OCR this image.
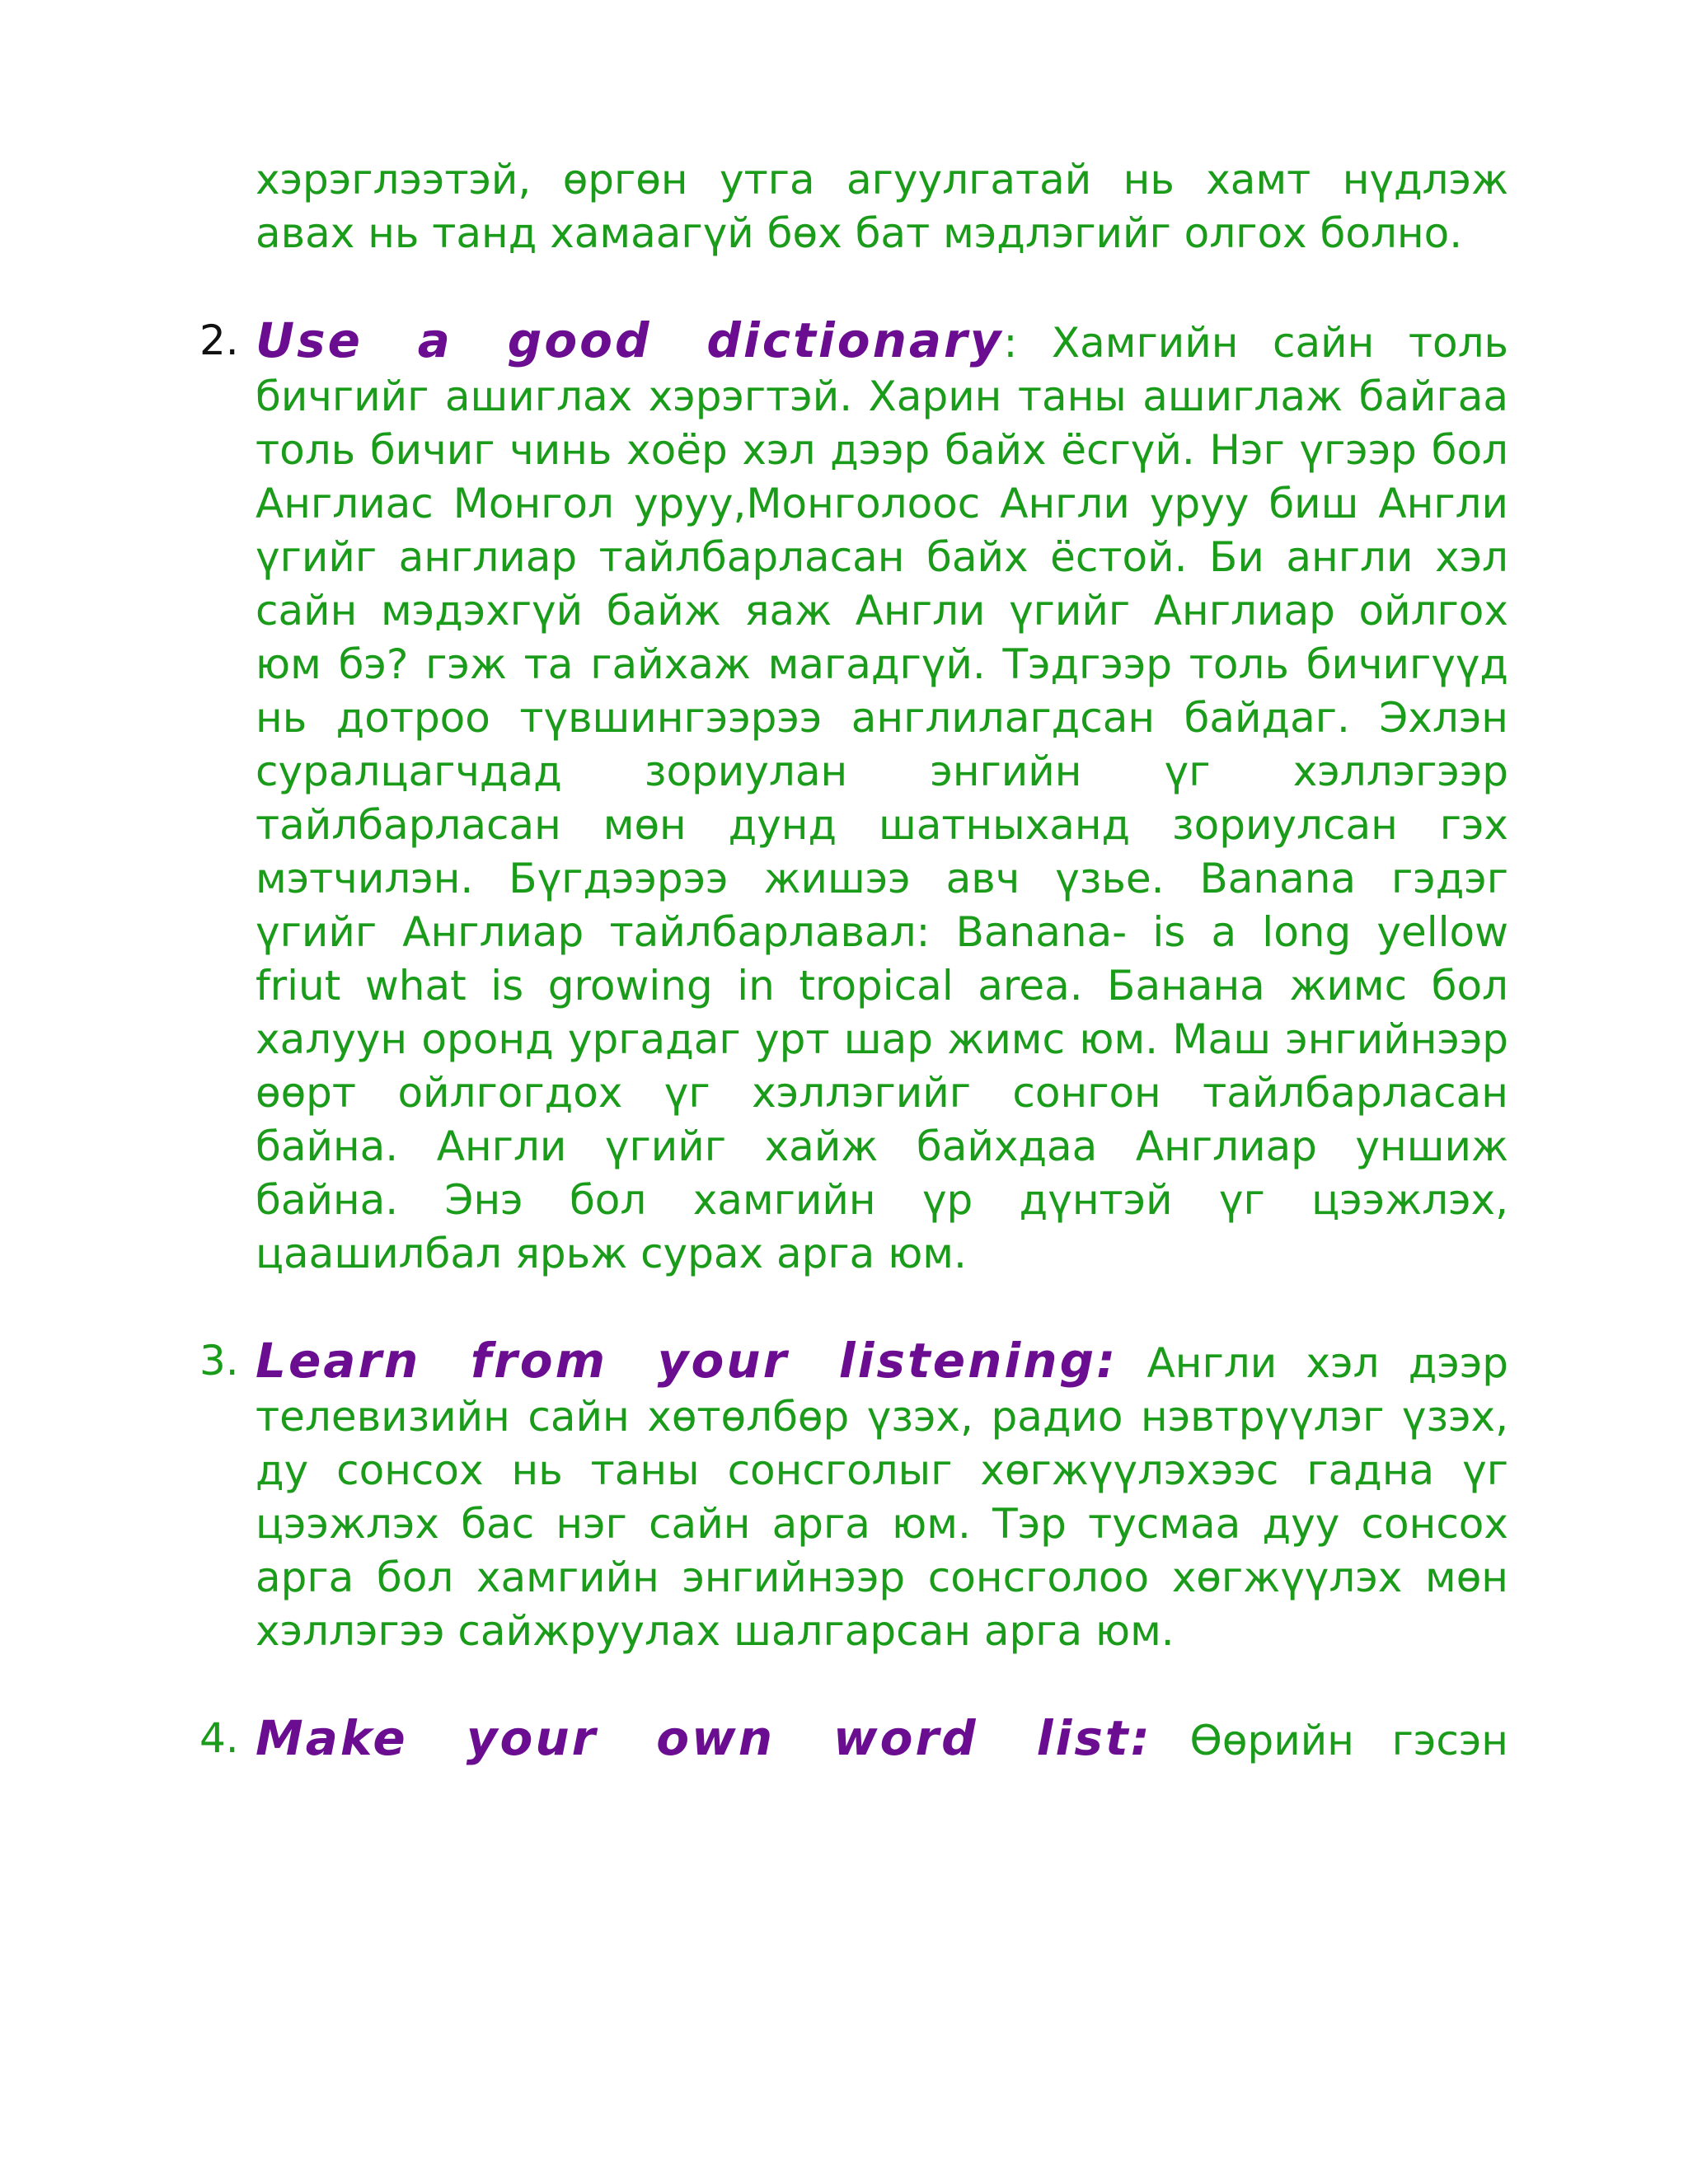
хэрэглээтэй, өргөн утга агуулгатай нь хамт нүдлэж авах нь танд хамаагүй бөх бат мэдлэгийг олгох болно.

2. Use a good dictionary: Хамгийн сайн толь бичгийг ашиглах хэрэгтэй. Харин таны ашиглаж байгаа толь бичиг чинь хоёр хэл дээр байх ёсгүй. Нэг үгээр бол Англиас Монгол уруу,Монголоос Англи уруу биш Англи үгийг англиар тайлбарласан байх ёстой. Би англи хэл сайн мэдэхгүй байж яаж Англи үгийг Англиар ойлгох юм бэ? гэж та гайхаж магадгүй. Тэдгээр толь бичигүүд нь дотроо түвшингээрээ англилагдсан байдаг. Эхлэн суралцагчдад зориулан энгийн үг хэллэгээр тайлбарласан мөн дунд шатныханд зориулсан гэх мэтчилэн. Бүгдээрээ жишээ авч үзье. Banana гэдэг үгийг Англиар тайлбарлавал: Banana- is a long yellow friut what is growing in tropical area. Банана жимс бол халуун оронд ургадаг урт шар жимс юм. Маш энгийнээр өөрт ойлгогдох үг хэллэгийг сонгон тайлбарласан байна. Англи үгийг хайж байхдаа Англиар уншиж байна. Энэ бол хамгийн үр дүнтэй үг цээжлэх, цаашилбал ярьж сурах арга юм.

3. Learn from your listening: Англи хэл дээр телевизийн сайн хөтөлбөр үзэх, радио нэвтрүүлэг үзэх, ду сонсох нь таны сонсголыг хөгжүүлэхээс гадна үг цээжлэх бас нэг сайн арга юм. Тэр тусмаа дуу сонсох арга бол хамгийн энгийнээр сонсголоо хөгжүүлэх мөн хэллэгээ сайжруулах шалгарсан арга юм.

4. Make your own word list: Өөрийн гэсэн
